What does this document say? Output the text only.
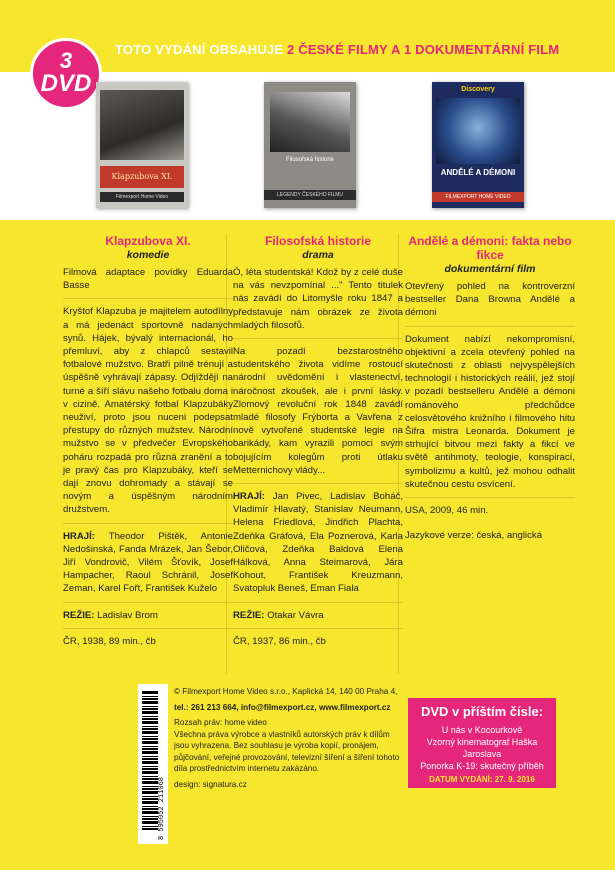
3
DVD
TOTO VYDÁNÍ OBSAHUJE 2 ČESKÉ FILMY A 1 DOKUMENTÁRNÍ FILM
Klapzubova XI.
Filmexport Home Video
Filosofská historie
LEGENDY ČESKÉHO FILMU
Discovery
ANDĚLÉ A DÉMONI
FILMEXPORT HOME VIDEO
Klapzubova XI.
komedie
Filmová adaptace povídky Eduarda Basse
Kryštof Klapzuba je majitelem autodílny a má jedenáct sportovně nadaných synů. Hájek, bývalý internacionál, ho přemluví, aby z chlapců sestavil fotbalové mužstvo. Bratři pilně trénují a úspěšně vyhrávají zápasy. Odjíždějí na turné a šíří slávu našeho fotbalu doma i v cizině. Amatérský fotbal Klapzubáky neuživí, proto jsou nuceni podepsat přestupy do různých mužstev. Národní mužstvo se v předvečer Evropského poháru rozpadá pro různá zranění a to je pravý čas pro Klapzubáky, kteří se dají znovu dohromady a stávají se novým a úspěšným národním družstvem.
HRAJÍ: Theodor Pištěk, Antonie Nedošinská, Fanda Mrázek, Jan Šebor, Jiří Vondrovič, Vilém Šťovík, Josef Hampacher, Raoul Schránil, Josef Zeman, Karel Fořt, František Kuželo
REŽIE: Ladislav Brom
ČR, 1938, 89 min., čb
Filosofská historie
drama
Ó, léta studentská! Kdož by z celé duše na vás nevzpomínal ..." Tento titulek nás zavádí do Litomyšle roku 1847 a představuje nám obrázek ze života mladých filosofů.
Na pozadí bezstarostného studentského života vidíme rostoucí národní uvědomění i vlastenectví, náročnost zkoušek, ale i první lásky. Zlomový revoluční rok 1848 zavádí mladé filosofy Frýborta a Vavřena z nově vytvořené studentské legie na barikády, kam vyrazili pomoci svým bojujícím kolegům proti útlaku Metternichovy vlády...
HRAJÍ: Jan Pivec, Ladislav Boháč, Vladimír Hlavatý, Stanislav Neumann, Helena Friedlová, Jindřich Plachta, Zdeňka Gráfová, Ela Poznerová, Karla Oličová, Zdeňka Baldová Elena Hálková, Anna Steimarová, Jára Kohout, František Kreuzmann, Svatopluk Beneš, Eman Fiala
REŽIE: Otakar Vávra
ČR, 1937, 86 min., čb
Andělé a démoni: fakta nebo fikce
dokumentární film
Otevřený pohled na kontroverzní bestseller Dana Browna Andělé a démoni
Dokument nabízí nekompromisní, objektivní a zcela otevřený pohled na skutečnosti z oblasti nejvyspělejších technologií i historických reálií, jež stojí v pozadí bestselleru Andělé a démoni románového předchůdce celosvětového knižního i filmového hitu Šifra mistra Leonarda. Dokument je strhující bitvou mezi fakty a fikcí ve světě antihmoty, teologie, konspirací, symbolizmu a kultů, jež mohou odhalit skutečnou cestu osvícení.
USA, 2009, 46 min.
Jazykové verze: česká, anglická
8 595052 211068
© Filmexport Home Video s.r.o., Kaplická 14, 140 00 Praha 4,
tel.: 261 213 664, info@filmexport.cz, www.filmexport.cz
Rozsah práv: home video
Všechna práva výrobce a vlastníků autorských práv k dílům jsou vyhrazena. Bez souhlasu je výroba kopií, pronájem, půjčování, veřejné provozování, televizní šíření a šíření tohoto díla prostřednictvím internetu zakázáno.
design: signatura.cz
DVD v příštím čísle:
U nás v Kocourkově
Vzorný kinematograf Haška
Jaroslava
Ponorka K-19: skutečný příběh
DATUM VYDÁNÍ: 27. 9. 2016
